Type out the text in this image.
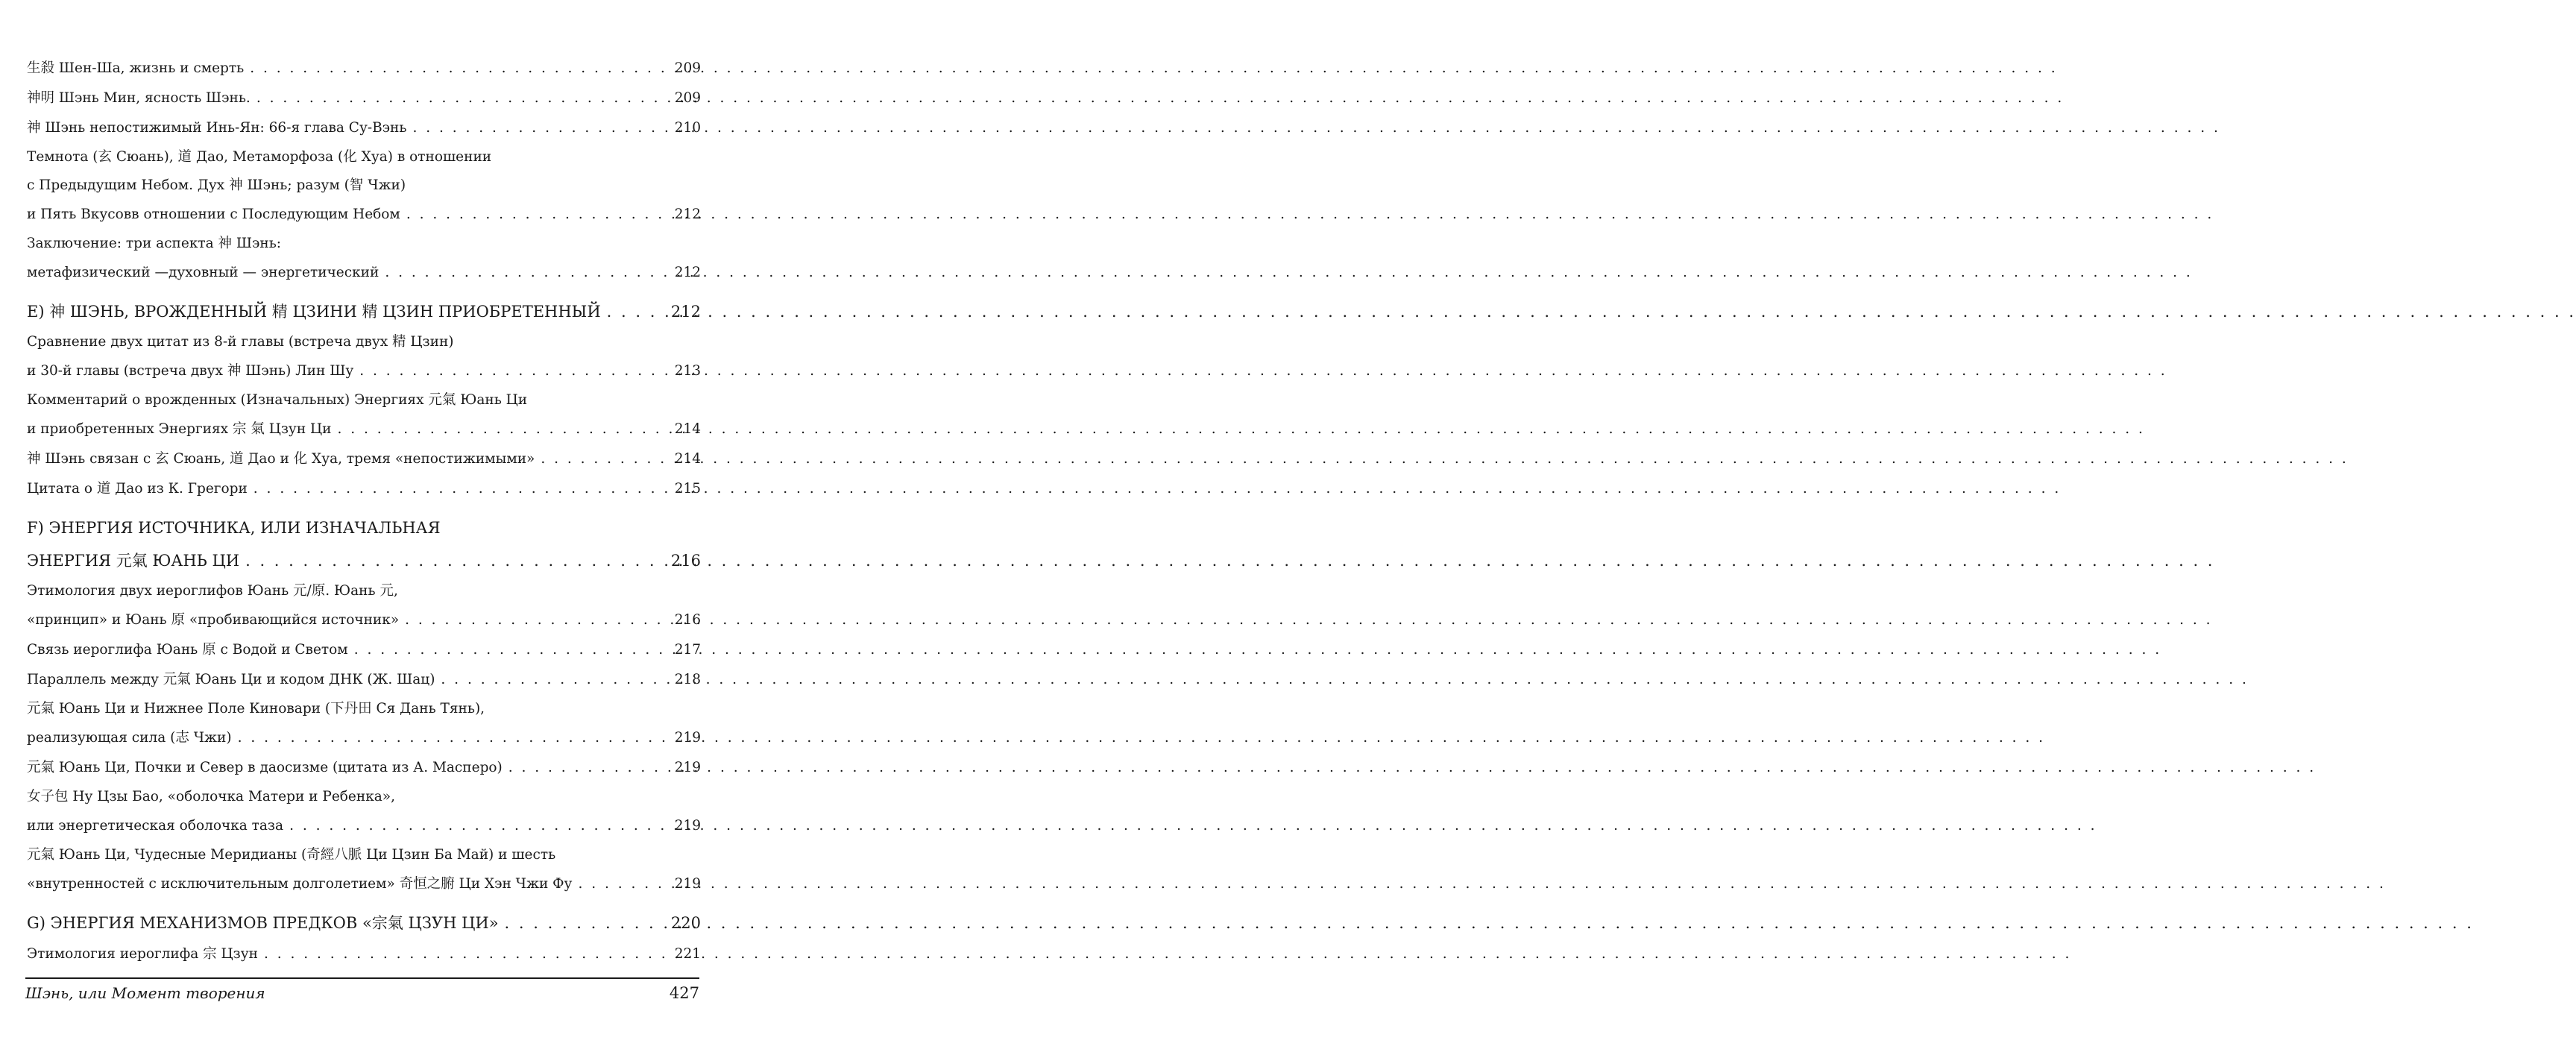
生殺 Шен-Ша, жизнь и смерть . . .	209
神明 Шэнь Мин, ясность Шэнь. . . .	209
神 Шэнь непостижимый Инь-Ян: 66-я глава Су-Вэнь . . .	210
Темнота (玄 Сюань), 道 Дао, Метаморфоза (化 Хуа) в отношении
с Предыдущим Небом. Дух 神 Шэнь; разум (智 Чжи)
и Пять Вкусовв отношении с Последующим Небом . . .	212
Заключение: три аспекта 神 Шэнь:
метафизический —духовный — энергетический . . .	212
Е) 神 ШЭНЬ, ВРОЖДЕННЫЙ 精 ЦЗИНИ 精 ЦЗИН ПРИОБРЕТЕННЫЙ . . .	212
Сравнение двух цитат из 8-й главы (встреча двух 精 Цзин)
и 30-й главы (встреча двух 神 Шэнь) Лин Шу . . .	213
Комментарий о врожденных (Изначальных) Энергиях 元氣 Юань Ци
и приобретенных Энергиях 宗 氣 Цзун Ци . . .	214
神 Шэнь связан с 玄 Сюань, 道 Дао и 化 Хуа, тремя «непостижимыми» . . .	214
Цитата о 道 Дао из К. Грегори . . .	215
F) ЭНЕРГИЯ ИСТОЧНИКА, ИЛИ ИЗНАЧАЛЬНАЯ
ЭНЕРГИЯ 元氣 ЮАНЬ ЦИ . . .	216
Этимология двух иероглифов Юань 元/原. Юань 元,
«принцип» и Юань 原 «пробивающийся источник» . . .	216
Связь иероглифа Юань 原 с Водой и Светом . . .	217
Параллель между 元氣 Юань Ци и кодом ДНК (Ж. Шац) . . .	218
元氣 Юань Ци и Нижнее Поле Киновари (下丹田 Ся Дань Тянь),
реализующая сила (志 Чжи) . . .	219
元氣 Юань Ци, Почки и Север в даосизме (цитата из А. Масперо) . . .	219
女子包 Ну Цзы Бао, «оболочка Матери и Ребенка»,
или энергетическая оболочка таза . . .	219
元氣 Юань Ци, Чудесные Меридианы (奇經八脈 Ци Цзин Ба Май) и шесть
«внутренностей с исключительным долголетием» 奇恒之腑 Ци Хэн Чжи Фу . . .	219
G) ЭНЕРГИЯ МЕХАНИЗМОВ ПРЕДКОВ «宗氣 ЦЗУН ЦИ» . . .	220
Этимология иероглифа 宗 Цзун . . .	221
Шэнь, или Момент творения	427
